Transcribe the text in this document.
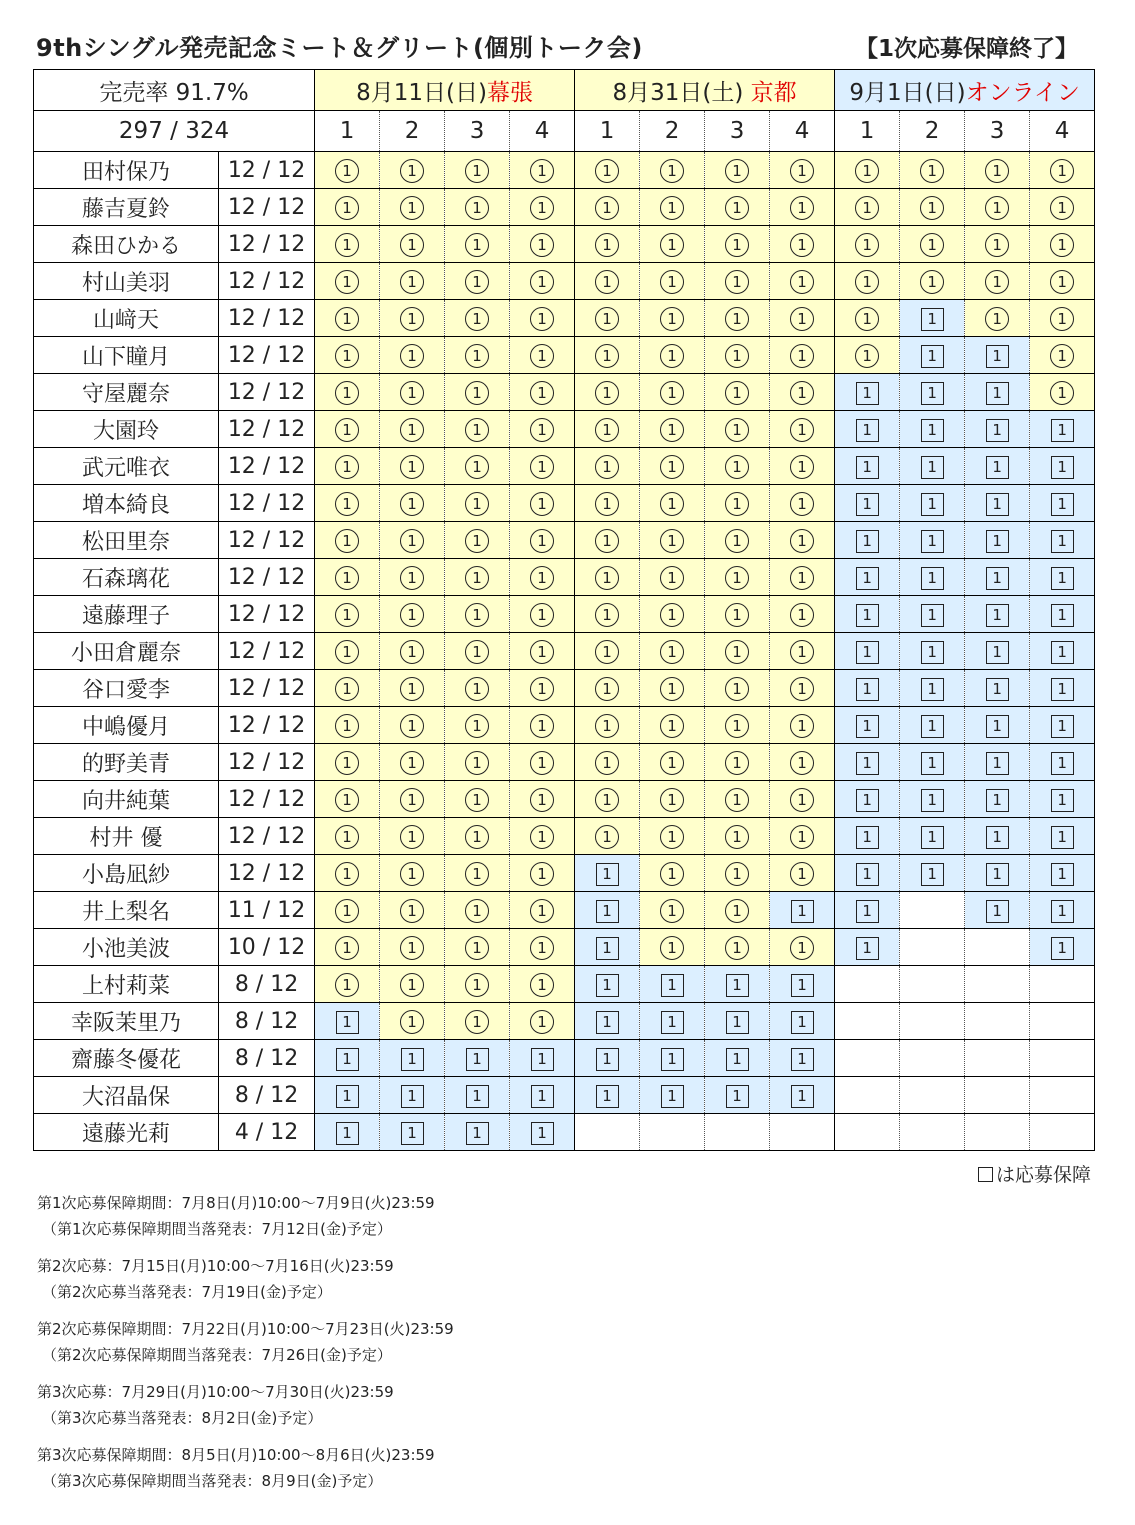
9thシングル発売記念ミート＆グリート(個別トーク会)	【1次応募保障終了】
完売率 91.7%		8月11日(日)幕張				8月31日(土) 京都				9月1日(日)オンライン			
297 / 324		1	2	3	4	1	2	3	4	1	2	3	4
田村保乃	12 / 12	1	1	1	1	1	1	1	1	1	1	1	1
藤吉夏鈴	12 / 12	1	1	1	1	1	1	1	1	1	1	1	1
森田ひかる	12 / 12	1	1	1	1	1	1	1	1	1	1	1	1
村山美羽	12 / 12	1	1	1	1	1	1	1	1	1	1	1	1
山﨑天	12 / 12	1	1	1	1	1	1	1	1	1	1	1	1
山下瞳月	12 / 12	1	1	1	1	1	1	1	1	1	1	1	1
守屋麗奈	12 / 12	1	1	1	1	1	1	1	1	1	1	1	1
大園玲	12 / 12	1	1	1	1	1	1	1	1	1	1	1	1
武元唯衣	12 / 12	1	1	1	1	1	1	1	1	1	1	1	1
増本綺良	12 / 12	1	1	1	1	1	1	1	1	1	1	1	1
松田里奈	12 / 12	1	1	1	1	1	1	1	1	1	1	1	1
石森璃花	12 / 12	1	1	1	1	1	1	1	1	1	1	1	1
遠藤理子	12 / 12	1	1	1	1	1	1	1	1	1	1	1	1
小田倉麗奈	12 / 12	1	1	1	1	1	1	1	1	1	1	1	1
谷口愛李	12 / 12	1	1	1	1	1	1	1	1	1	1	1	1
中嶋優月	12 / 12	1	1	1	1	1	1	1	1	1	1	1	1
的野美青	12 / 12	1	1	1	1	1	1	1	1	1	1	1	1
向井純葉	12 / 12	1	1	1	1	1	1	1	1	1	1	1	1
村井 優	12 / 12	1	1	1	1	1	1	1	1	1	1	1	1
小島凪紗	12 / 12	1	1	1	1	1	1	1	1	1	1	1	1
井上梨名	11 / 12	1	1	1	1	1	1	1	1	1		1	1
小池美波	10 / 12	1	1	1	1	1	1	1	1	1			1
上村莉菜	8 / 12	1	1	1	1	1	1	1	1				
幸阪茉里乃	8 / 12	1	1	1	1	1	1	1	1				
齋藤冬優花	8 / 12	1	1	1	1	1	1	1	1				
大沼晶保	8 / 12	1	1	1	1	1	1	1	1				
遠藤光莉	4 / 12	1	1	1	1								
は応募保障
第1次応募保障期間：7月8日(月)10:00～7月9日(火)23:59
（第1次応募保障期間当落発表：7月12日(金)予定）
第2次応募：7月15日(月)10:00～7月16日(火)23:59
（第2次応募当落発表：7月19日(金)予定）
第2次応募保障期間：7月22日(月)10:00～7月23日(火)23:59
（第2次応募保障期間当落発表：7月26日(金)予定）
第3次応募：7月29日(月)10:00～7月30日(火)23:59
（第3次応募当落発表：8月2日(金)予定）
第3次応募保障期間：8月5日(月)10:00～8月6日(火)23:59
（第3次応募保障期間当落発表：8月9日(金)予定）
